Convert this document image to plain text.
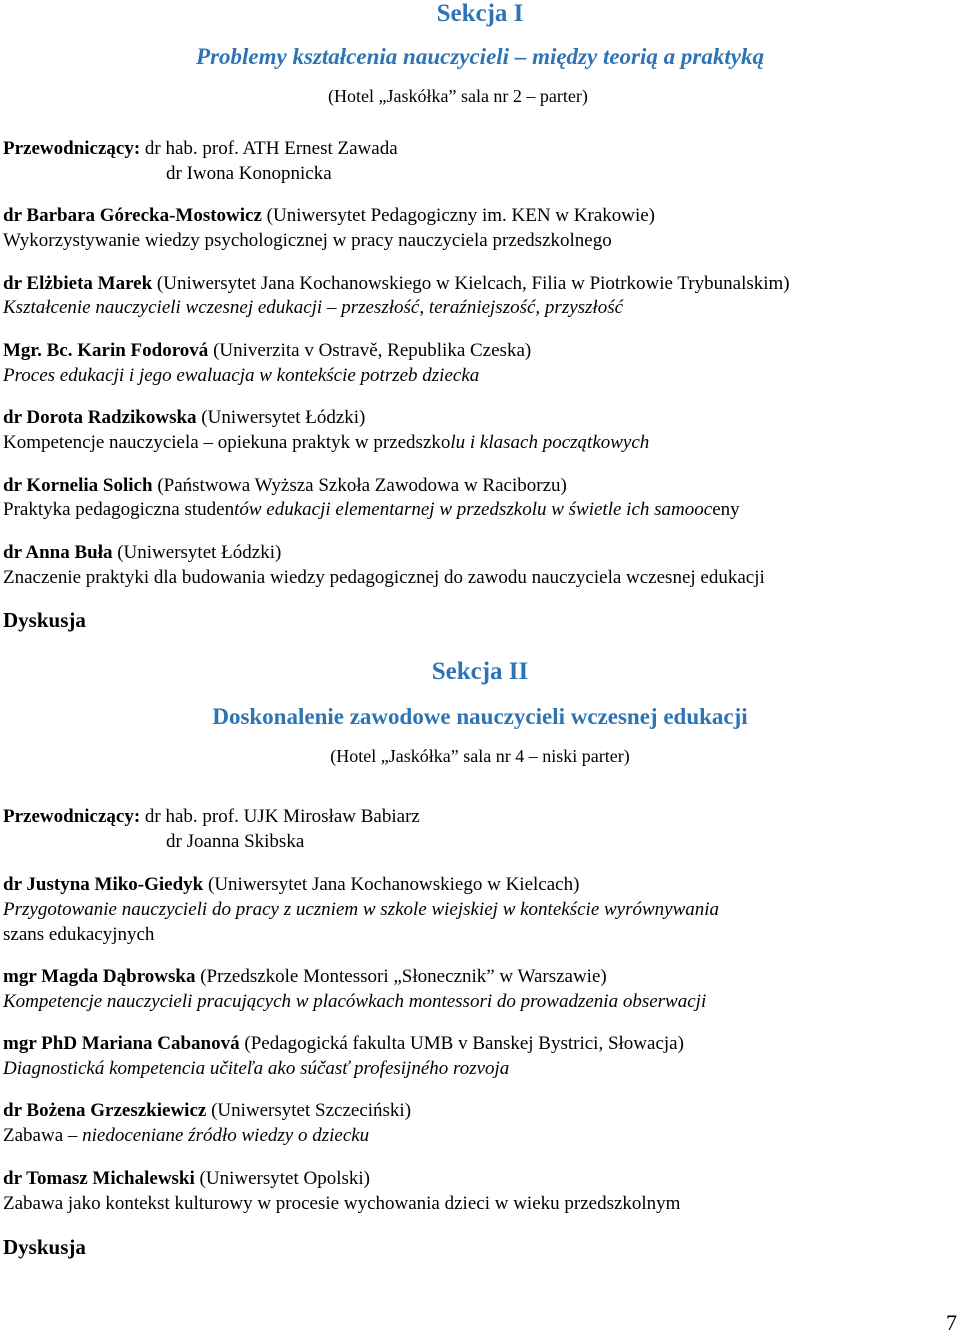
Sekcja I
Problemy kształcenia nauczycieli – między teorią a praktyką
(Hotel „Jaskółka” sala nr 2 – parter)
Przewodniczący: dr hab. prof. ATH Ernest Zawada
dr Iwona Konopnicka
dr Barbara Górecka-Mostowicz (Uniwersytet Pedagogiczny im. KEN w Krakowie)
Wykorzystywanie wiedzy psychologicznej w pracy nauczyciela przedszkolnego
dr Elżbieta Marek (Uniwersytet Jana Kochanowskiego w Kielcach, Filia w Piotrkowie Trybunalskim)
Kształcenie nauczycieli wczesnej edukacji – przeszłość, teraźniejszość, przyszłość
Mgr. Bc. Karin Fodorová (Univerzita v Ostravě, Republika Czeska)
Proces edukacji i jego ewaluacja w kontekście potrzeb dziecka
dr Dorota Radzikowska (Uniwersytet Łódzki)
Kompetencje nauczyciela – opiekuna praktyk w przedszkolu i klasach początkowych
dr Kornelia Solich (Państwowa Wyższa Szkoła Zawodowa w Raciborzu)
Praktyka pedagogiczna studentów edukacji elementarnej w przedszkolu w świetle ich samooceny
dr Anna Buła (Uniwersytet Łódzki)
Znaczenie praktyki dla budowania wiedzy pedagogicznej do zawodu nauczyciela wczesnej edukacji
Dyskusja
Sekcja II
Doskonalenie zawodowe nauczycieli wczesnej edukacji
(Hotel „Jaskółka” sala nr 4 – niski parter)
Przewodniczący: dr hab. prof. UJK Mirosław Babiarz
dr Joanna Skibska
dr Justyna Miko-Giedyk (Uniwersytet Jana Kochanowskiego w Kielcach)
Przygotowanie nauczycieli do pracy z uczniem w szkole wiejskiej w kontekście wyrównywania
szans edukacyjnych
mgr Magda Dąbrowska (Przedszkole Montessori „Słonecznik” w Warszawie)
Kompetencje nauczycieli pracujących w placówkach montessori do prowadzenia obserwacji
mgr PhD Mariana Cabanová (Pedagogická fakulta UMB v Banskej Bystrici, Słowacja)
Diagnostická kompetencia učiteľa ako súčasť profesijného rozvoja
dr Bożena Grzeszkiewicz (Uniwersytet Szczeciński)
Zabawa – niedoceniane źródło wiedzy o dziecku
dr Tomasz Michalewski (Uniwersytet Opolski)
Zabawa jako kontekst kulturowy w procesie wychowania dzieci w wieku przedszkolnym
Dyskusja
7
